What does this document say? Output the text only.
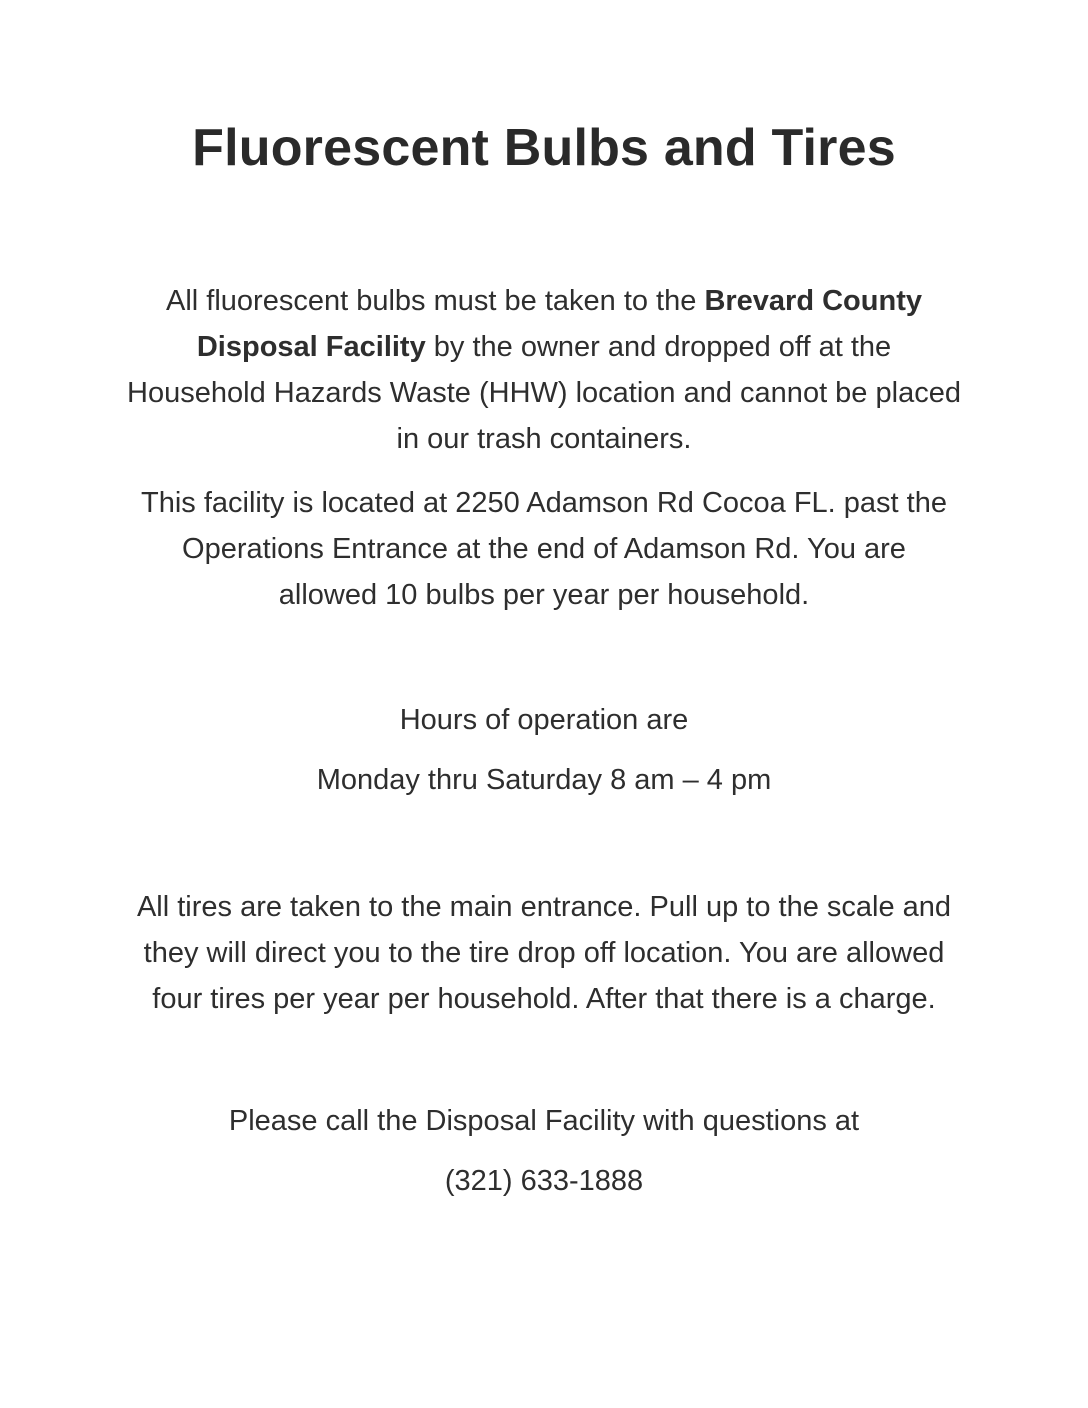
Fluorescent Bulbs and Tires
All fluorescent bulbs must be taken to the Brevard County
Disposal Facility by the owner and dropped off at the
Household Hazards Waste (HHW) location and cannot be placed
in our trash containers.
This facility is located at 2250 Adamson Rd Cocoa FL. past the
Operations Entrance at the end of Adamson Rd. You are
allowed 10 bulbs per year per household.
Hours of operation are
Monday thru Saturday 8 am – 4 pm
All tires are taken to the main entrance. Pull up to the scale and
they will direct you to the tire drop off location. You are allowed
four tires per year per household. After that there is a charge.
Please call the Disposal Facility with questions at
(321) 633-1888
